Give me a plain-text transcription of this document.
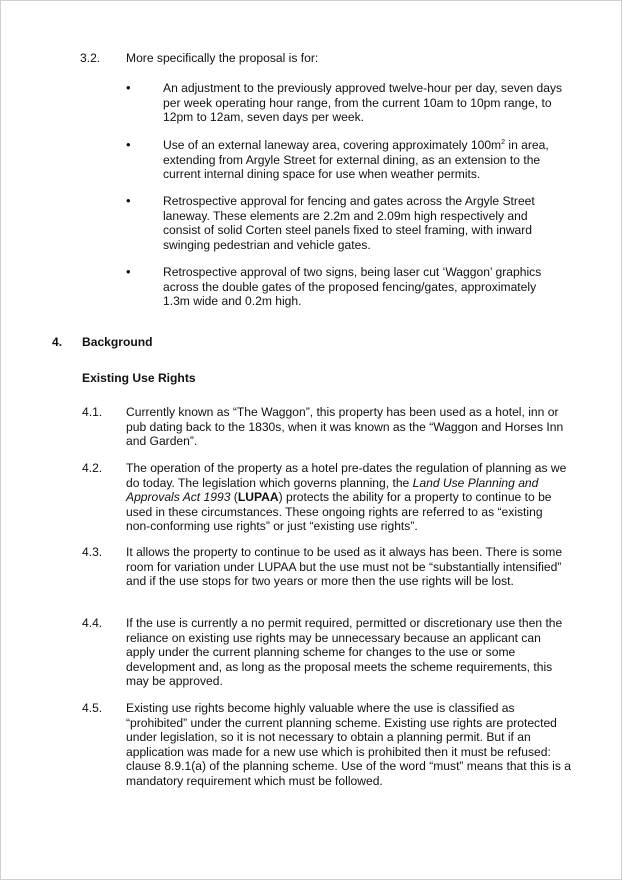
3.2. More specifically the proposal is for:

•

An adjustment to the previously approved twelve-hour per day, seven days per week operating hour range, from the current 10am to 10pm range, to 12pm to 12am, seven days per week.

•

Use of an external laneway area, covering approximately $100m^2$ in area, extending from Argyle Street for external dining, as an extension to the current internal dining space for use when weather permits.

•

Retrospective approval for fencing and gates across the Argyle Street laneway. These elements are 2.2m and 2.09m high respectively and consist of solid Corten steel panels fixed to steel framing, with inward swinging pedestrian and vehicle gates.

•

Retrospective approval of two signs, being laser cut ‘Waggon’ graphics across the double gates of the proposed fencing/gates, approximately 1.3m wide and 0.2m high.

4. Background
Existing Use Rights
4.1. Currently known as “The Waggon”, this property has been used as a hotel, inn or pub dating back to the 1830s, when it was known as the “Waggon and Horses Inn and Garden”.

4.2. The operation of the property as a hotel pre-dates the regulation of planning as we do today. The legislation which governs planning, the Land Use Planning and Approvals Act 1993 (LUPAA) protects the ability for a property to continue to be used in these circumstances. These ongoing rights are referred to as “existing non-conforming use rights” or just “existing use rights”.

4.3. It allows the property to continue to be used as it always has been. There is some room for variation under LUPAA but the use must not be “substantially intensified” and if the use stops for two years or more then the use rights will be lost.

4.4. If the use is currently a no permit required, permitted or discretionary use then the reliance on existing use rights may be unnecessary because an applicant can apply under the current planning scheme for changes to the use or some development and, as long as the proposal meets the scheme requirements, this may be approved.

4.5. Existing use rights become highly valuable where the use is classified as “prohibited” under the current planning scheme. Existing use rights are protected under legislation, so it is not necessary to obtain a planning permit. But if an application was made for a new use which is prohibited then it must be refused: clause 8.9.1(a) of the planning scheme. Use of the word “must” means that this is a mandatory requirement which must be followed.
